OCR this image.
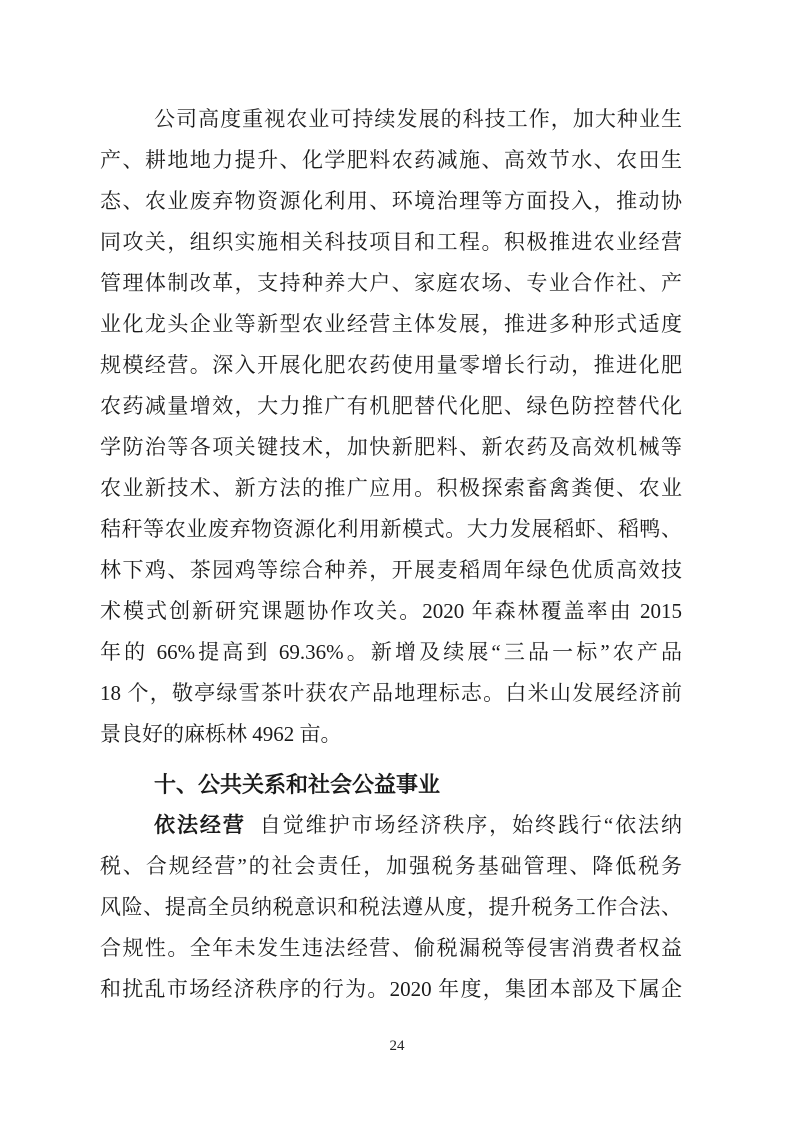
公司高度重视农业可持续发展的科技工作，加大种业生
产、耕地地力提升、化学肥料农药减施、高效节水、农田生
态、农业废弃物资源化利用、环境治理等方面投入，推动协
同攻关，组织实施相关科技项目和工程。积极推进农业经营
管理体制改革，支持种养大户、家庭农场、专业合作社、产
业化龙头企业等新型农业经营主体发展，推进多种形式适度
规模经营。深入开展化肥农药使用量零增长行动，推进化肥
农药减量增效，大力推广有机肥替代化肥、绿色防控替代化
学防治等各项关键技术，加快新肥料、新农药及高效机械等
农业新技术、新方法的推广应用。积极探索畜禽粪便、农业
秸秆等农业废弃物资源化利用新模式。大力发展稻虾、稻鸭、
林下鸡、茶园鸡等综合种养，开展麦稻周年绿色优质高效技
术模式创新研究课题协作攻关。2020 年森林覆盖率由 2015
年的 66%提高到 69.36%。新增及续展“三品一标”农产品
18 个，敬亭绿雪茶叶获农产品地理标志。白米山发展经济前
景良好的麻栎林 4962 亩。
十、公共关系和社会公益事业
依法经营 自觉维护市场经济秩序，始终践行“依法纳
税、合规经营”的社会责任，加强税务基础管理、降低税务
风险、提高全员纳税意识和税法遵从度，提升税务工作合法、
合规性。全年未发生违法经营、偷税漏税等侵害消费者权益
和扰乱市场经济秩序的行为。2020 年度，集团本部及下属企
24
